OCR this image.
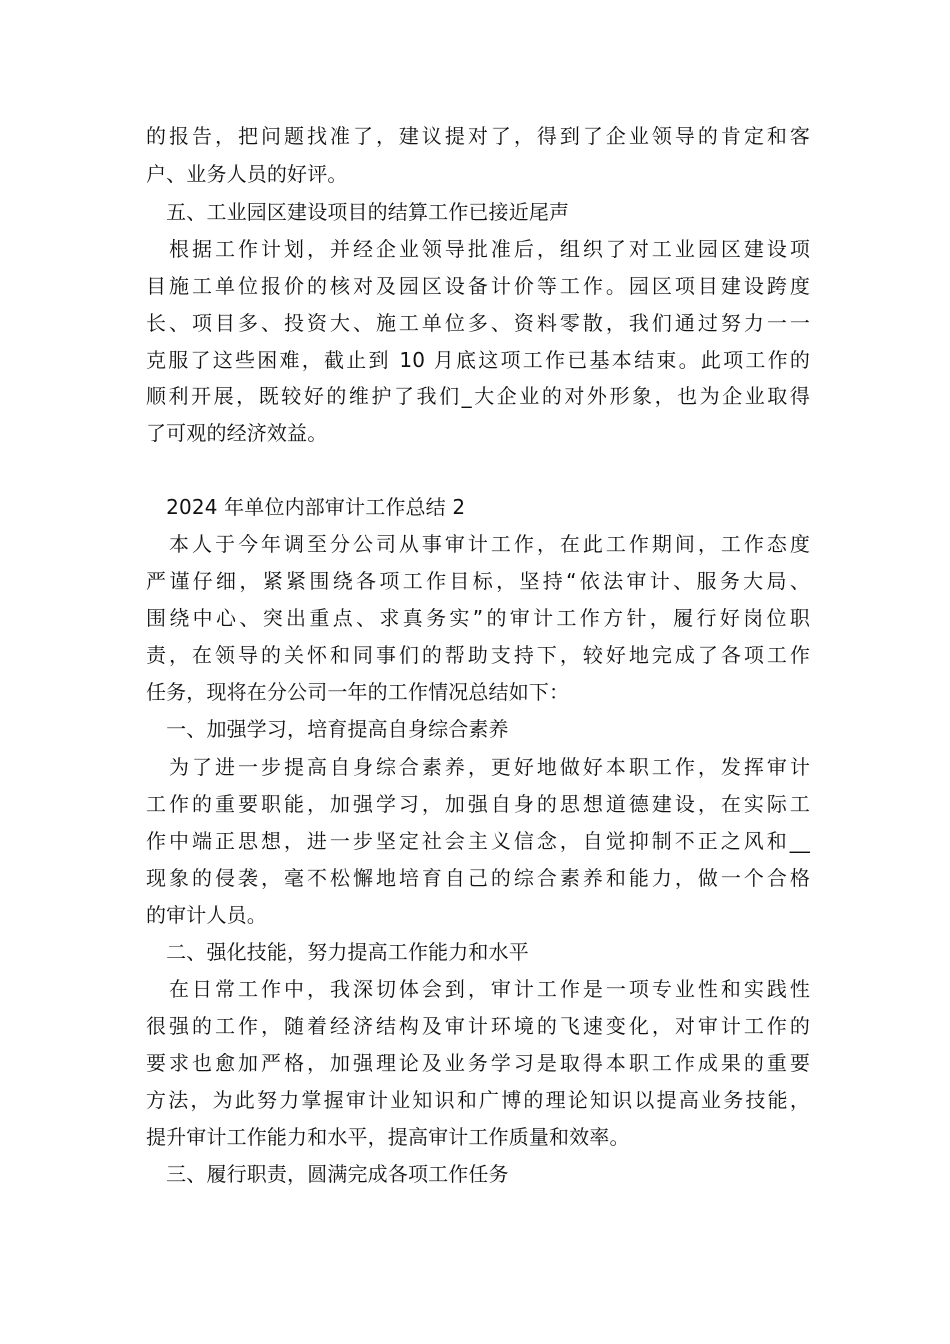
的报告，把问题找准了，建议提对了，得到了企业领导的肯定和客
户、业务人员的好评。
　五、工业园区建设项目的结算工作已接近尾声
　根据工作计划，并经企业领导批准后，组织了对工业园区建设项
目施工单位报价的核对及园区设备计价等工作。园区项目建设跨度
长、项目多、投资大、施工单位多、资料零散，我们通过努力一一
克服了这些困难，截止到 10 月底这项工作已基本结束。此项工作的
顺利开展，既较好的维护了我们_大企业的对外形象，也为企业取得
了可观的经济效益。
　2024 年单位内部审计工作总结 2
　本人于今年调至分公司从事审计工作，在此工作期间，工作态度
严谨仔细，紧紧围绕各项工作目标，坚持“依法审计、服务大局、
围绕中心、突出重点、求真务实”的审计工作方针，履行好岗位职
责，在领导的关怀和同事们的帮助支持下，较好地完成了各项工作
任务，现将在分公司一年的工作情况总结如下：
　一、加强学习，培育提高自身综合素养
　为了进一步提高自身综合素养，更好地做好本职工作，发挥审计
工作的重要职能，加强学习，加强自身的思想道德建设，在实际工
作中端正思想，进一步坚定社会主义信念，自觉抑制不正之风和__
现象的侵袭，毫不松懈地培育自己的综合素养和能力，做一个合格
的审计人员。
　二、强化技能，努力提高工作能力和水平
　在日常工作中，我深切体会到，审计工作是一项专业性和实践性
很强的工作，随着经济结构及审计环境的飞速变化，对审计工作的
要求也愈加严格，加强理论及业务学习是取得本职工作成果的重要
方法，为此努力掌握审计业知识和广博的理论知识以提高业务技能，
提升审计工作能力和水平，提高审计工作质量和效率。
　三、履行职责，圆满完成各项工作任务
